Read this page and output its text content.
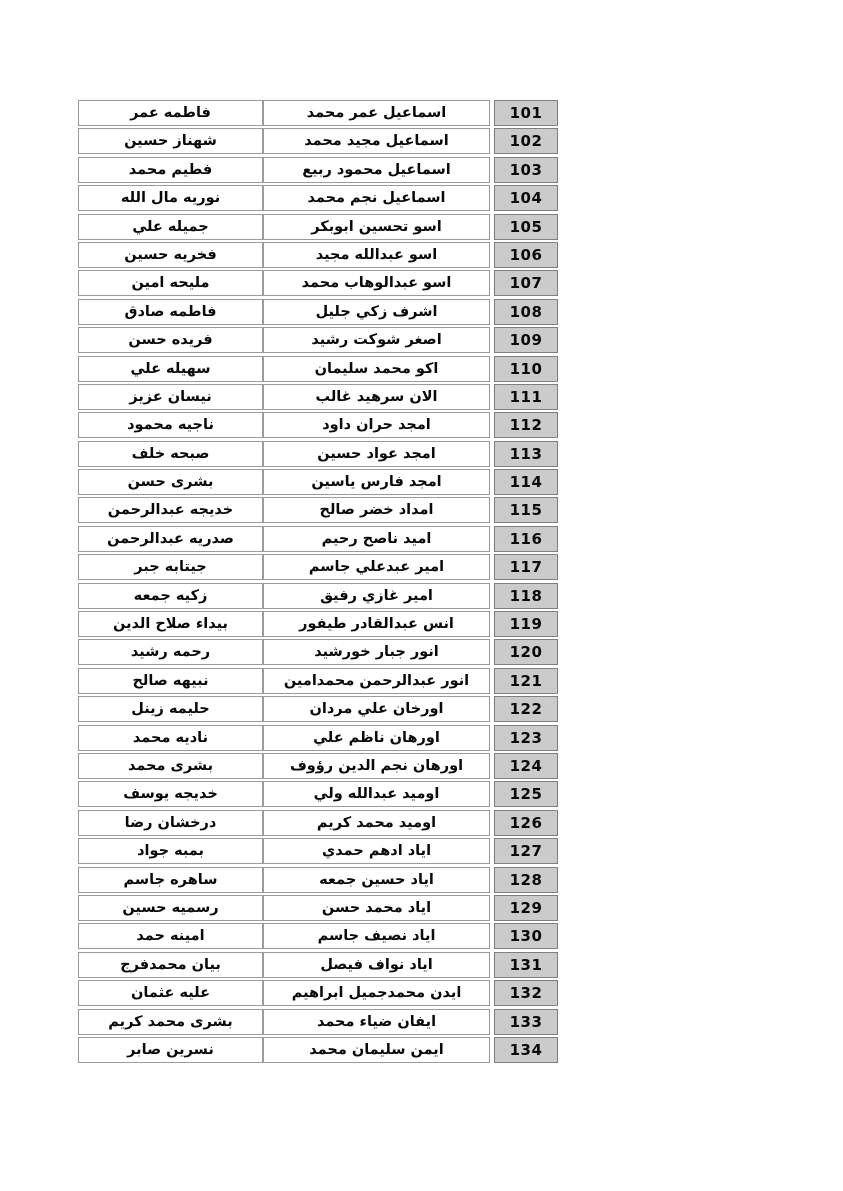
فاطمه عمر	اسماعيل عمر محمد	101
شهناز حسين	اسماعيل مجيد محمد	102
فطيم محمد	اسماعيل محمود ربيع	103
نوريه مال الله	اسماعيل نجم محمد	104
جميله علي	اسو تحسين ابوبكر	105
فخريه حسين	اسو عبدالله مجيد	106
مليحه امين	اسو عبدالوهاب محمد	107
فاطمه صادق	اشرف زكي جليل	108
فريده حسن	اصغر شوكت رشيد	109
سهيله علي	اكو محمد سليمان	110
نيسان عزيز	الان سرهيد غالب	111
ناجيه محمود	امجد حران داود	112
صبحه خلف	امجد عواد حسين	113
بشرى حسن	امجد فارس ياسين	114
خديجه عبدالرحمن	امداد خضر صالح	115
صدريه عبدالرحمن	اميد ناصح رحيم	116
جيتابه جبر	امير عبدعلي جاسم	117
زكيه جمعه	امير غازي رفيق	118
بيداء صلاح الدين	انس عبدالقادر طيفور	119
رحمه رشيد	انور جبار خورشيد	120
نبيهه صالح	انور عبدالرحمن محمدامين	121
حليمه زينل	اورخان علي مردان	122
ناديه محمد	اورهان ناظم علي	123
بشرى محمد	اورهان نجم الدين رؤوف	124
خديجه يوسف	اوميد عبدالله ولي	125
درخشان رضا	اوميد محمد كريم	126
بمبه جواد	اياد ادهم حمدي	127
ساهره جاسم	اياد حسين جمعه	128
رسميه حسين	اياد محمد حسن	129
امينه حمد	اياد نصيف جاسم	130
بيان محمدفرج	اياد نواف فيصل	131
عليه عثمان	ايدن محمدجميل ابراهيم	132
بشرى محمد كريم	ايفان ضياء محمد	133
نسرين صابر	ايمن سليمان محمد	134
